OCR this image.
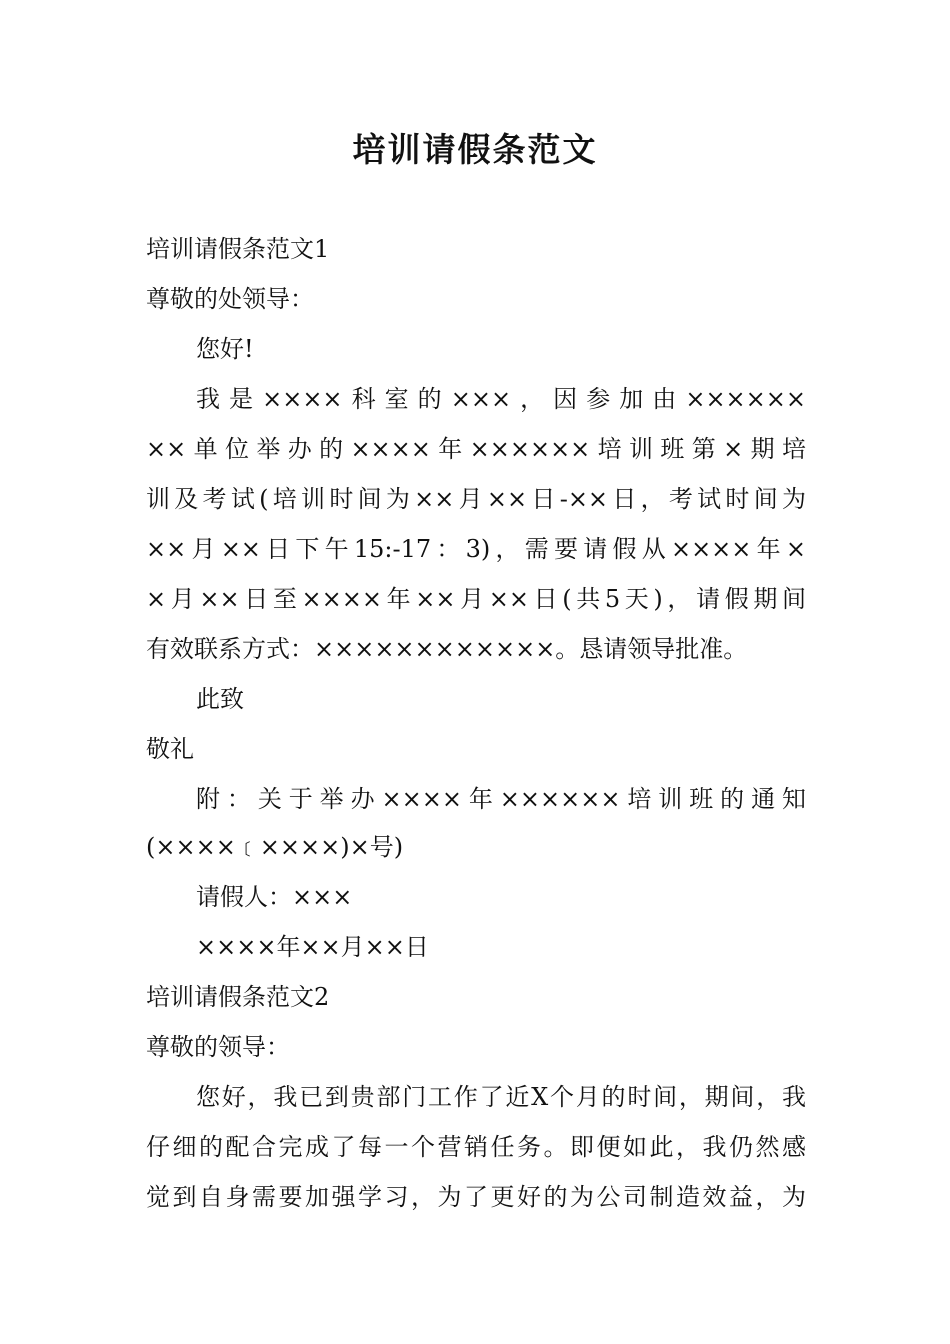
培训请假条范文
培训请假条范文1
尊敬的处领导：
您好!
我是××××科室的×××，因参加由××××××
××单位举办的××××年××××××培训班第×期培
训及考试(培训时间为××月××日-××日，考试时间为
××月××日下午15:-17：3)，需要请假从××××年×
×月××日至××××年××月××日(共5天)，请假期间
有效联系方式：××××××××××××。恳请领导批准。
此致
敬礼
附：关于举办××××年××××××培训班的通知
(××××﹝××××)×号)
请假人：×××
××××年××月××日
培训请假条范文2
尊敬的领导：
您好，我已到贵部门工作了近X个月的时间，期间，我
仔细的配合完成了每一个营销任务。即便如此，我仍然感
觉到自身需要加强学习，为了更好的为公司制造效益，为
